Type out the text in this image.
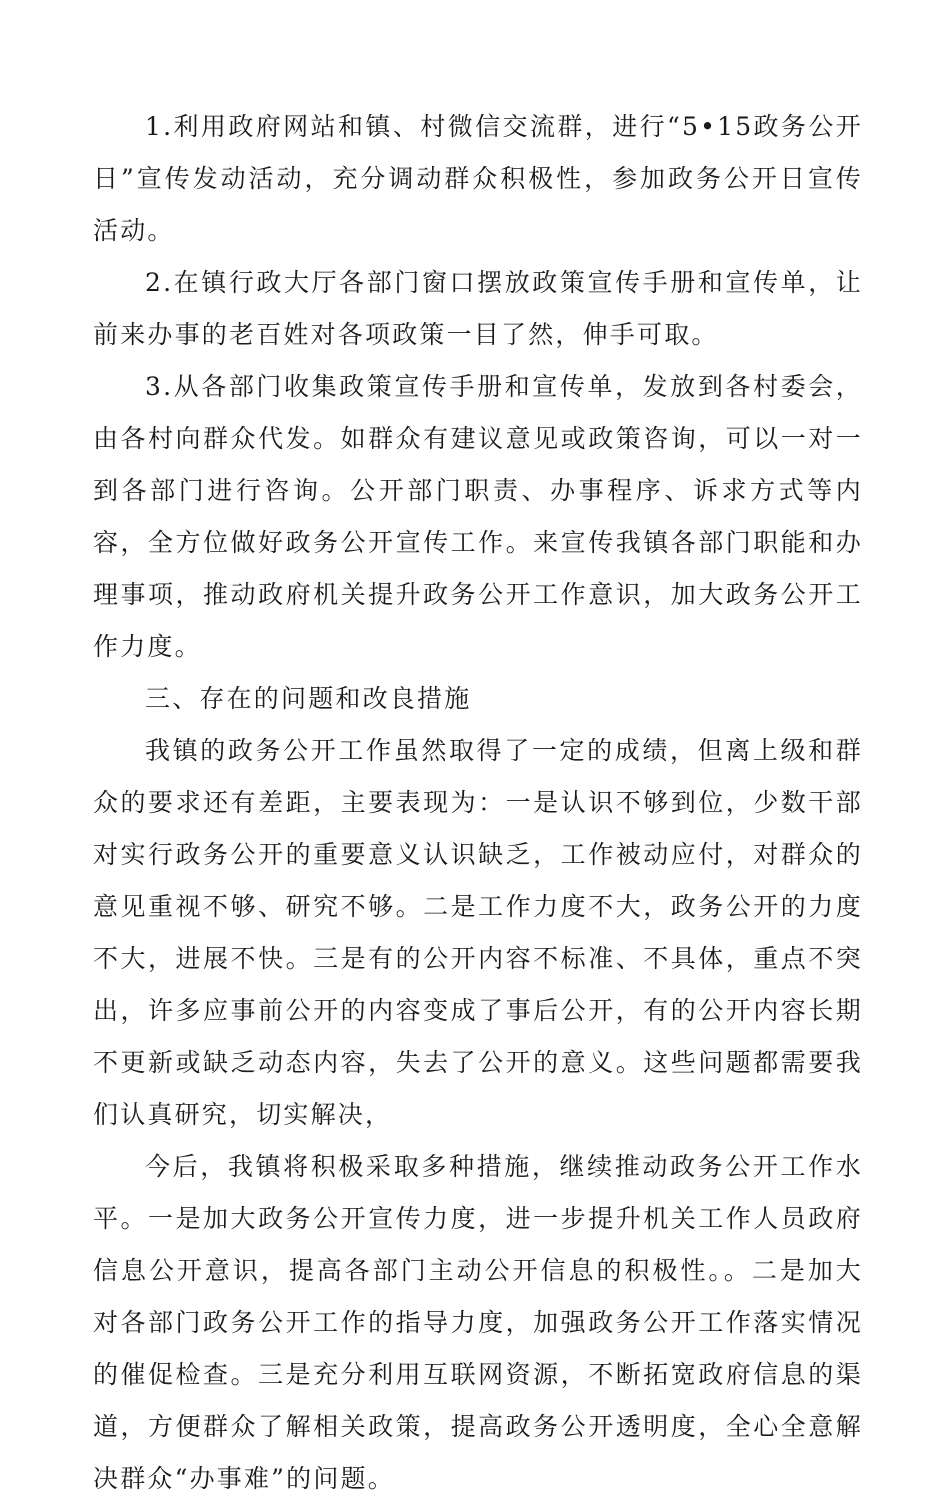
1.利用政府网站和镇、村微信交流群，进行“5•15政务公开日”宣传发动活动，充分调动群众积极性，参加政务公开日宣传活动。

2.在镇行政大厅各部门窗口摆放政策宣传手册和宣传单，让前来办事的老百姓对各项政策一目了然，伸手可取。

3.从各部门收集政策宣传手册和宣传单，发放到各村委会，由各村向群众代发。如群众有建议意见或政策咨询，可以一对一到各部门进行咨询。公开部门职责、办事程序、诉求方式等内容，全方位做好政务公开宣传工作。来宣传我镇各部门职能和办理事项，推动政府机关提升政务公开工作意识，加大政务公开工作力度。

三、存在的问题和改良措施

我镇的政务公开工作虽然取得了一定的成绩，但离上级和群众的要求还有差距，主要表现为：一是认识不够到位，少数干部对实行政务公开的重要意义认识缺乏，工作被动应付，对群众的意见重视不够、研究不够。二是工作力度不大，政务公开的力度不大，进展不快。三是有的公开内容不标准、不具体，重点不突出，许多应事前公开的内容变成了事后公开，有的公开内容长期不更新或缺乏动态内容，失去了公开的意义。这些问题都需要我们认真研究，切实解决，

今后，我镇将积极采取多种措施，继续推动政务公开工作水平。一是加大政务公开宣传力度，进一步提升机关工作人员政府信息公开意识，提高各部门主动公开信息的积极性。。二是加大对各部门政务公开工作的指导力度，加强政务公开工作落实情况的催促检查。三是充分利用互联网资源，不断拓宽政府信息的渠道，方便群众了解相关政策，提高政务公开透明度，全心全意解决群众“办事难”的问题。
